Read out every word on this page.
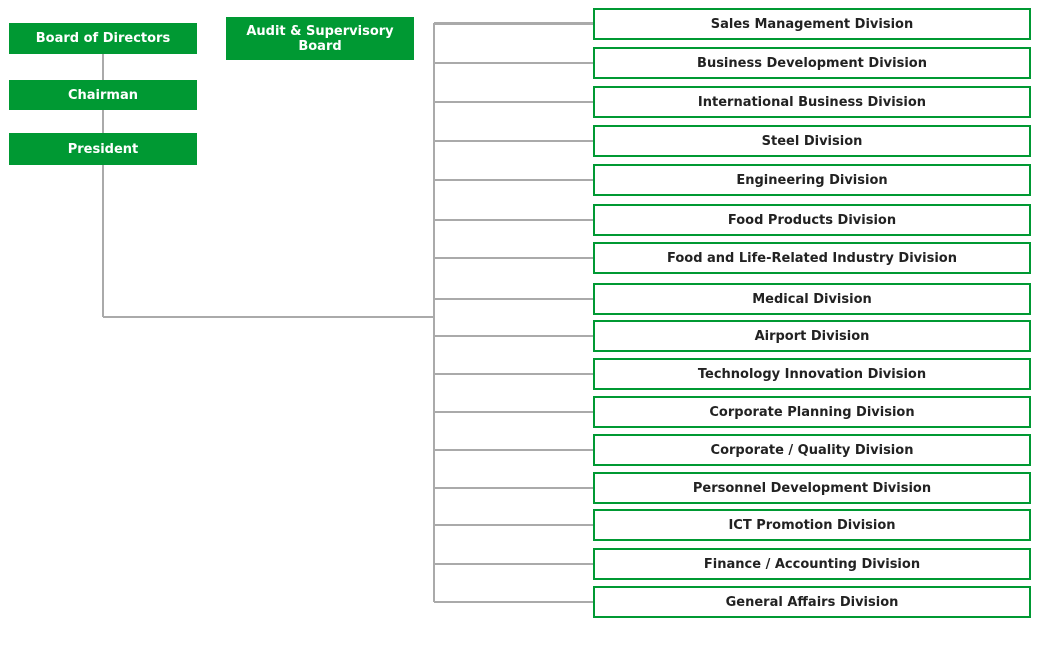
Board of Directors	Audit & Supervisory Board
Chairman
President
Sales Management Division
Business Development Division
International Business Division
Steel Division
Engineering Division
Food Products Division
Food and Life-Related Industry Division
Medical Division
Airport Division
Technology Innovation Division
Corporate Planning Division
Corporate / Quality Division
Personnel Development Division
ICT Promotion Division
Finance / Accounting Division
General Affairs Division
